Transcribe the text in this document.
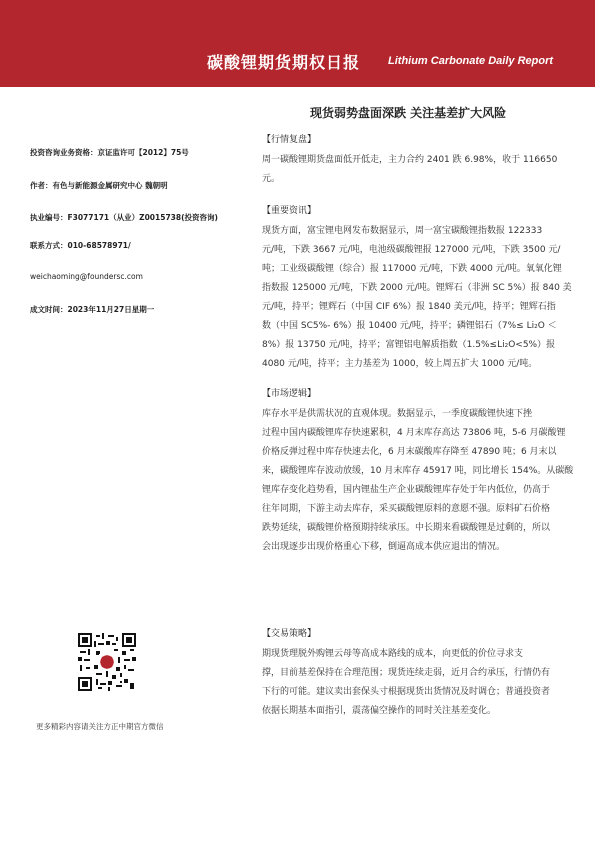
碳酸锂期货期权日报	Lithium Carbonate Daily Report
现货弱势盘面深跌 关注基差扩大风险
投资咨询业务资格：京证监许可【2012】75号
作者：有色与新能源金属研究中心 魏朝明
执业编号：F3077171（从业）Z0015738(投资咨询)
联系方式：010-68578971/
weichaoming@foundersc.com
成文时间：2023年11月27日星期一
【行情复盘】
周一碳酸锂期货盘面低开低走，主力合约 2401 跌 6.98%，收于 116650
元。
【重要资讯】
现货方面，富宝锂电网发布数据显示，周一富宝碳酸锂指数报 122333
元/吨，下跌 3667 元/吨，电池级碳酸锂报 127000 元/吨，下跌 3500 元/
吨；工业级碳酸锂（综合）报 117000 元/吨，下跌 4000 元/吨。氧氧化锂
指数报 125000 元/吨，下跌 2000 元/吨。锂辉石（非洲 SC 5%）报 840 美
元/吨，持平；锂辉石（中国 CIF 6%）报 1840 美元/吨，持平；锂辉石指
数（中国 SC5%- 6%）报 10400 元/吨，持平；磷锂铝石（7%≤ Li₂O ＜
8%）报 13750 元/吨，持平；富锂铝电解质指数（1.5%≤Li₂O<5%）报
4080 元/吨，持平；主力基差为 1000，较上周五扩大 1000 元/吨。
【市场逻辑】
库存水平是供需状况的直观体现。数据显示，一季度碳酸锂快速下挫
过程中国内碳酸锂库存快速累积，4 月末库存高达 73806 吨，5-6 月碳酸锂
价格反弹过程中库存快速去化，6 月末碳酸库存降至 47890 吨；6 月末以
来，碳酸锂库存波动放缓，10 月末库存 45917 吨，同比增长 154%。从碳酸
锂库存变化趋势看，国内锂盐生产企业碳酸锂库存处于年内低位，仍高于
往年同期，下游主动去库存，采买碳酸锂原料的意愿不强。原料矿石价格
跌势延续，碳酸锂价格预期持续承压。中长期来看碳酸锂是过剩的，所以
会出现逐步出现价格重心下移，倒逼高成本供应退出的情况。
【交易策略】
期现货理脱外购锂云母等高成本路线的成本，向更低的价位寻求支
撑，目前基差保持在合理范围；现货连续走弱，近月合约承压，行情仍有
下行的可能。建议卖出套保头寸根据现货出货情况及时调仓；普通投资者
依据长期基本面指引，震荡偏空操作的同时关注基差变化。
更多精彩内容请关注方正中期官方微信
